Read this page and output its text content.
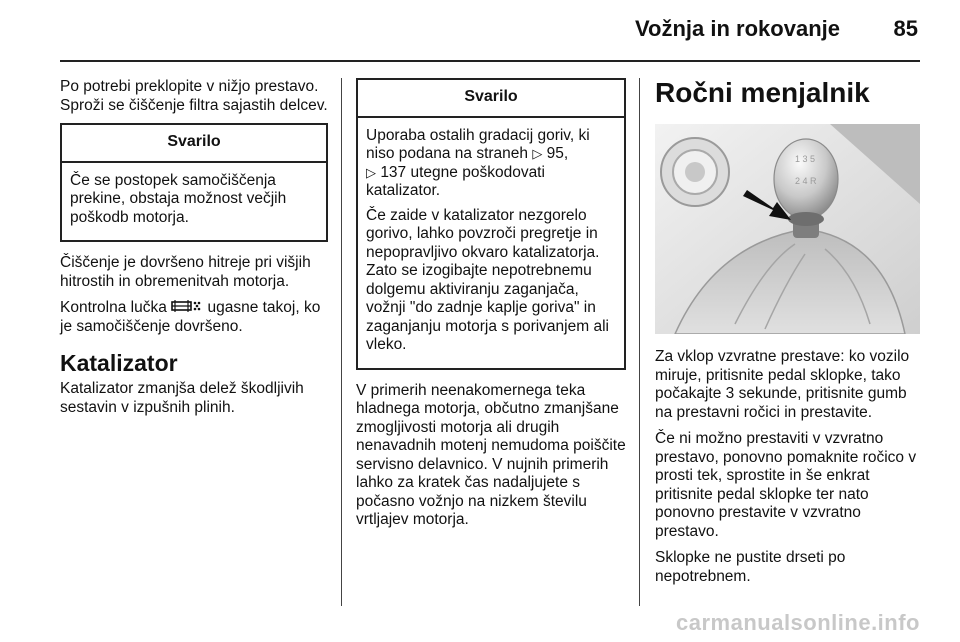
Vožnja in rokovanje 85

Po potrebi preklopite v nižjo prestavo. Sproži se čiščenje filtra sajastih delcev.

Svarilo

Če se postopek samočiščenja prekine, obstaja možnost večjih poškodb motorja.

Čiščenje je dovršeno hitreje pri višjih hitrostih in obremenitvah motorja.

Kontrolna lučka	ugasne takoj, ko je samočiščenje dovršeno.

Katalizator

Katalizator zmanjša delež škodljivih sestavin v izpušnih plinih.

Svarilo

Uporaba ostalih gradacij goriv, ki niso podana na straneh ▷ 95,
▷ 137 utegne poškodovati katalizator.

Če zaide v katalizator nezgorelo gorivo, lahko povzroči pregretje in nepopravljivo okvaro katalizatorja. Zato se izogibajte nepotrebnemu dolgemu aktiviranju zaganjača, vožnji "do zadnje kaplje goriva" in zaganjanju motorja s porivanjem ali vleko.

V primerih neenakomernega teka hladnega motorja, občutno zmanjšane zmogljivosti motorja ali drugih nenavadnih motenj nemudoma poiščite servisno delavnico. V nujnih primerih lahko za kratek čas nadaljujete s počasno vožnjo na nizkem številu vrtljajev motorja.

Ročni menjalnik
1 3 5
2 4 R

Za vklop vzvratne prestave: ko vozilo miruje, pritisnite pedal sklopke, tako počakajte 3 sekunde, pritisnite gumb na prestavni ročici in prestavite.

Če ni možno prestaviti v vzvratno prestavo, ponovno pomaknite ročico v prosti tek, sprostite in še enkrat pritisnite pedal sklopke ter nato ponovno prestavite v vzvratno prestavo.

Sklopke ne pustite drseti po nepotrebnem.

carmanualsonline.info
